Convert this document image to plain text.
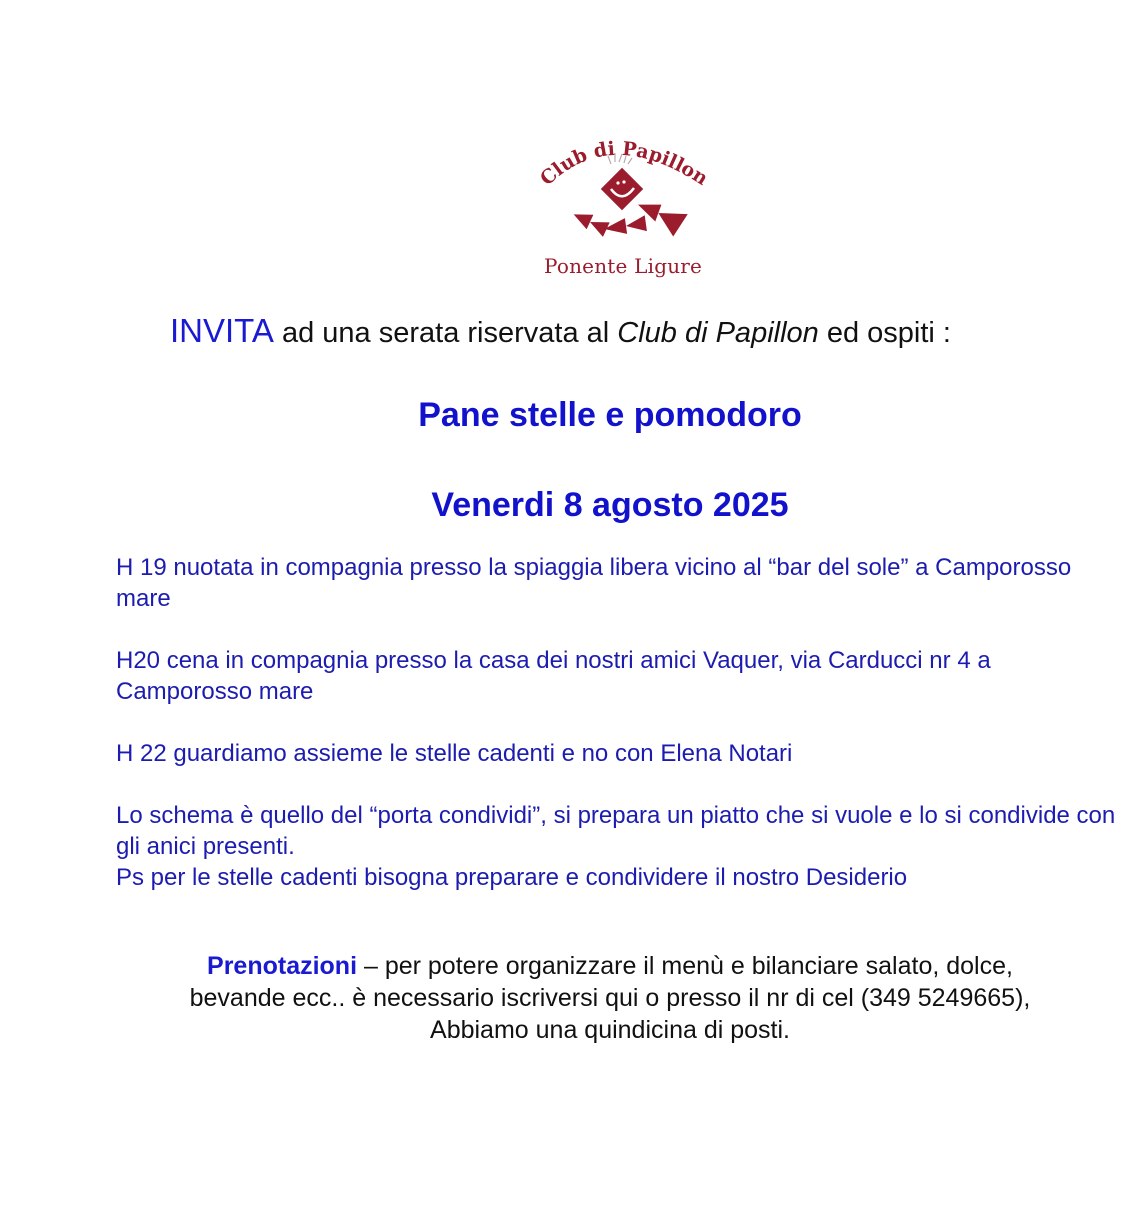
Club di Papillon
Ponente Ligure
INVITA ad una serata riservata al Club di Papillon ed ospiti :
Pane stelle e pomodoro
Venerdi 8 agosto 2025

H 19 nuotata in compagnia presso la spiaggia libera vicino al “bar del sole” a Camporosso mare

H20 cena in compagnia presso la casa dei nostri amici Vaquer, via Carducci nr 4 a Camporosso mare

H 22 guardiamo assieme le stelle cadenti e no con Elena Notari

Lo schema è quello del “porta condividi”, si prepara un piatto che si vuole e lo si condivide con gli anici presenti.

Ps per le stelle cadenti bisogna preparare e condividere il nostro Desiderio

Prenotazioni – per potere organizzare il menù e bilanciare salato, dolce,

bevande ecc.. è necessario iscriversi qui o presso il nr di cel (349 5249665),

Abbiamo una quindicina di posti.
